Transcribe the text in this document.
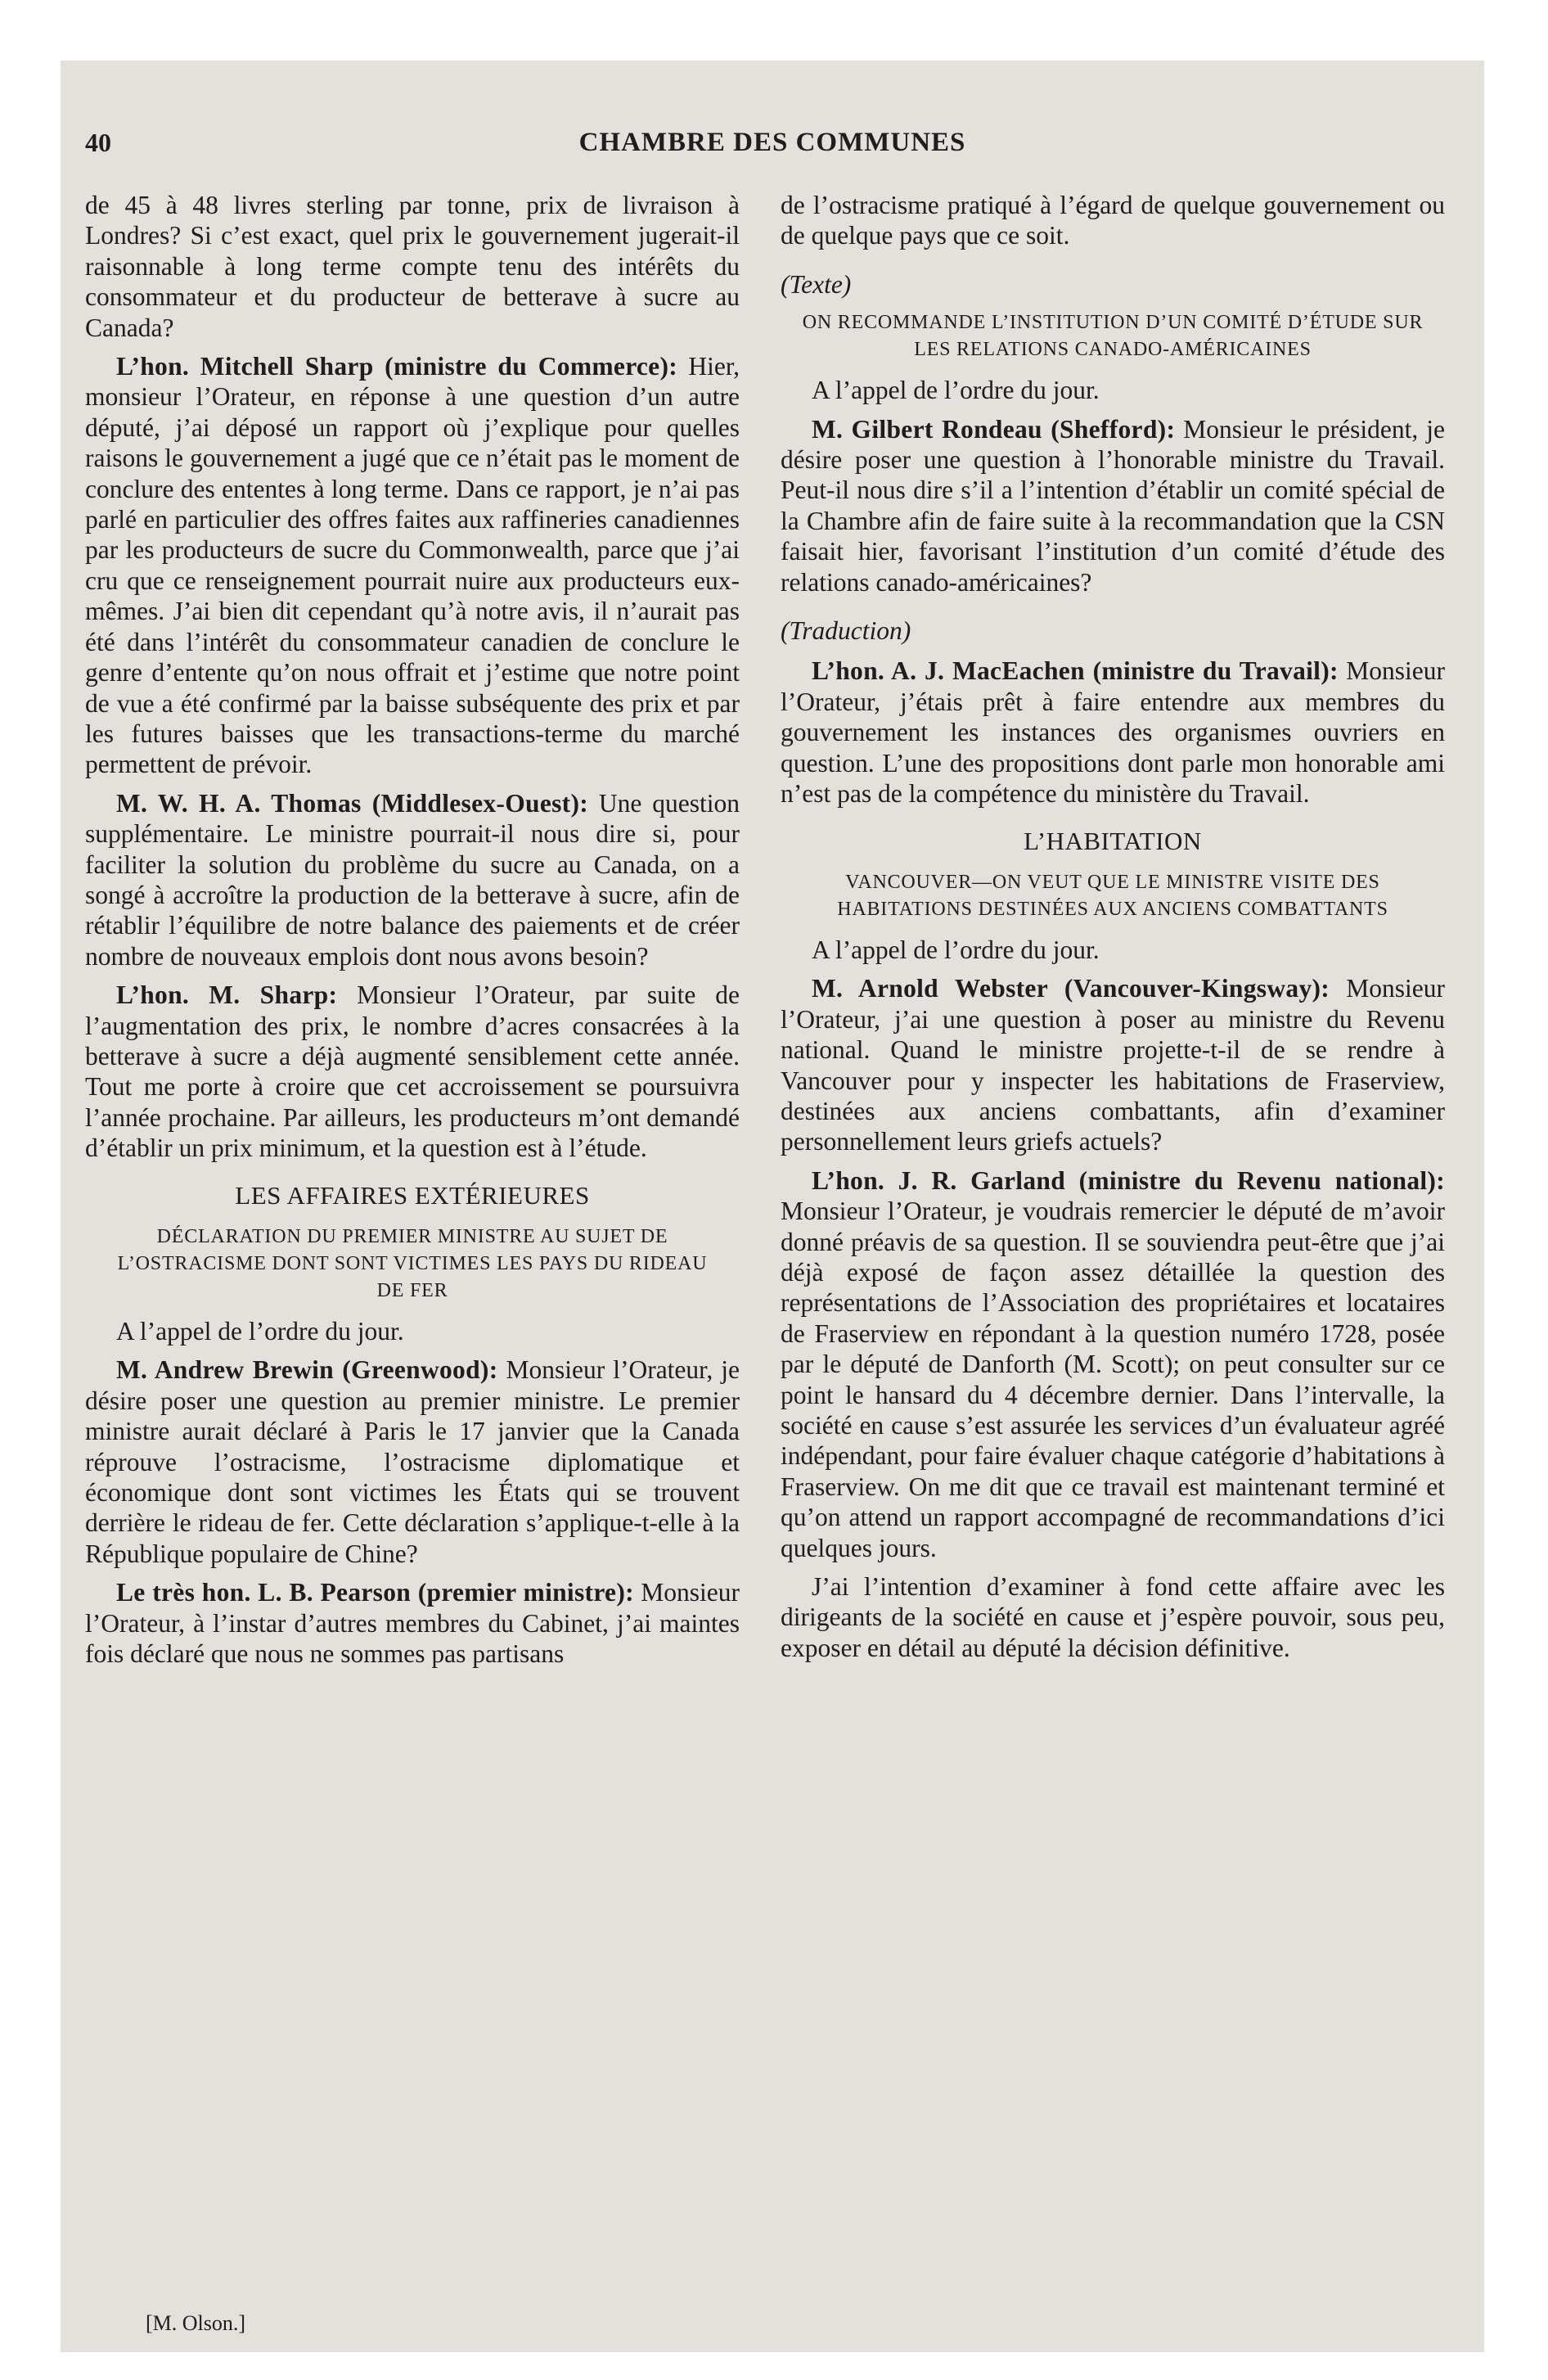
40	CHAMBRE DES COMMUNES

de 45 à 48 livres sterling par tonne, prix de livraison à Londres? Si c’est exact, quel prix le gouvernement jugerait-il raisonnable à long terme compte tenu des intérêts du consommateur et du producteur de betterave à sucre au Canada?

L’hon. Mitchell Sharp (ministre du Commerce): Hier, monsieur l’Orateur, en réponse à une question d’un autre député, j’ai déposé un rapport où j’explique pour quelles raisons le gouvernement a jugé que ce n’était pas le moment de conclure des ententes à long terme. Dans ce rapport, je n’ai pas parlé en particulier des offres faites aux raffineries canadiennes par les producteurs de sucre du Commonwealth, parce que j’ai cru que ce renseignement pourrait nuire aux producteurs eux-mêmes. J’ai bien dit cependant qu’à notre avis, il n’aurait pas été dans l’intérêt du consommateur canadien de conclure le genre d’entente qu’on nous offrait et j’estime que notre point de vue a été confirmé par la baisse subséquente des prix et par les futures baisses que les transactions-terme du marché permettent de prévoir.

M. W. H. A. Thomas (Middlesex-Ouest): Une question supplémentaire. Le ministre pourrait-il nous dire si, pour faciliter la solution du problème du sucre au Canada, on a songé à accroître la production de la betterave à sucre, afin de rétablir l’équilibre de notre balance des paiements et de créer nombre de nouveaux emplois dont nous avons besoin?

L’hon. M. Sharp: Monsieur l’Orateur, par suite de l’augmentation des prix, le nombre d’acres consacrées à la betterave à sucre a déjà augmenté sensiblement cette année. Tout me porte à croire que cet accroissement se poursuivra l’année prochaine. Par ailleurs, les producteurs m’ont demandé d’établir un prix minimum, et la question est à l’étude.

LES AFFAIRES EXTÉRIEURES
DÉCLARATION DU PREMIER MINISTRE AU SUJET DE L’OSTRACISME DONT SONT VICTIMES LES PAYS DU RIDEAU DE FER

A l’appel de l’ordre du jour.

M. Andrew Brewin (Greenwood): Monsieur l’Orateur, je désire poser une question au premier ministre. Le premier ministre aurait déclaré à Paris le 17 janvier que la Canada réprouve l’ostracisme, l’ostracisme diplomatique et économique dont sont victimes les États qui se trouvent derrière le rideau de fer. Cette déclaration s’applique-t-elle à la République populaire de Chine?

Le très hon. L. B. Pearson (premier ministre): Monsieur l’Orateur, à l’instar d’autres membres du Cabinet, j’ai maintes fois déclaré que nous ne sommes pas partisans

de l’ostracisme pratiqué à l’égard de quelque gouvernement ou de quelque pays que ce soit.

(Texte)
ON RECOMMANDE L’INSTITUTION D’UN COMITÉ D’ÉTUDE SUR LES RELATIONS CANADO-AMÉRICAINES

A l’appel de l’ordre du jour.

M. Gilbert Rondeau (Shefford): Monsieur le président, je désire poser une question à l’honorable ministre du Travail. Peut-il nous dire s’il a l’intention d’établir un comité spécial de la Chambre afin de faire suite à la recommandation que la CSN faisait hier, favorisant l’institution d’un comité d’étude des relations canado-américaines?

(Traduction)

L’hon. A. J. MacEachen (ministre du Travail): Monsieur l’Orateur, j’étais prêt à faire entendre aux membres du gouvernement les instances des organismes ouvriers en question. L’une des propositions dont parle mon honorable ami n’est pas de la compétence du ministère du Travail.

L’HABITATION
VANCOUVER—ON VEUT QUE LE MINISTRE VISITE DES HABITATIONS DESTINÉES AUX ANCIENS COMBATTANTS

A l’appel de l’ordre du jour.

M. Arnold Webster (Vancouver-Kingsway): Monsieur l’Orateur, j’ai une question à poser au ministre du Revenu national. Quand le ministre projette-t-il de se rendre à Vancouver pour y inspecter les habitations de Fraserview, destinées aux anciens combattants, afin d’examiner personnellement leurs griefs actuels?

L’hon. J. R. Garland (ministre du Revenu national): Monsieur l’Orateur, je voudrais remercier le député de m’avoir donné préavis de sa question. Il se souviendra peut-être que j’ai déjà exposé de façon assez détaillée la question des représentations de l’Association des propriétaires et locataires de Fraserview en répondant à la question numéro 1728, posée par le député de Danforth (M. Scott); on peut consulter sur ce point le hansard du 4 décembre dernier. Dans l’intervalle, la société en cause s’est assurée les services d’un évaluateur agréé indépendant, pour faire évaluer chaque catégorie d’habitations à Fraserview. On me dit que ce travail est maintenant terminé et qu’on attend un rapport accompagné de recommandations d’ici quelques jours.

J’ai l’intention d’examiner à fond cette affaire avec les dirigeants de la société en cause et j’espère pouvoir, sous peu, exposer en détail au député la décision définitive.

[M. Olson.]
